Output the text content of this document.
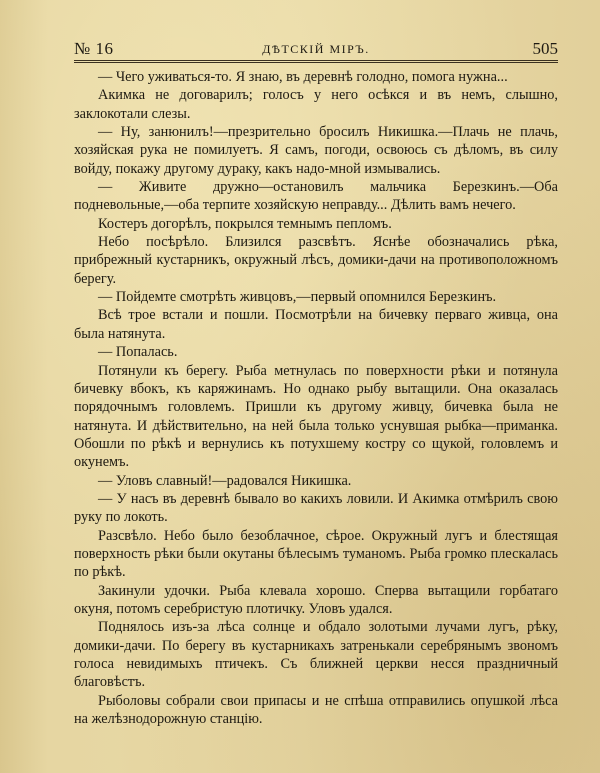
№ 16	ДѢТСКІЙ МІРЪ.	505

— Чего уживаться-то. Я знаю, въ деревнѣ голодно, помога нужна...

Акимка не договарилъ; голосъ у него осѣкся и въ немъ, слышно, заклокотали слезы.

— Ну, занюнилъ!—презрительно бросилъ Никишка.—Плачь не плачь, хозяйская рука не помилуетъ. Я самъ, погоди, освоюсь съ дѣломъ, въ силу войду, покажу другому дураку, какъ надо-мной измывались.

— Живите дружно—остановилъ мальчика Березкинъ.—Оба подневольные,—оба терпите хозяйскую неправду... Дѣлить вамъ нечего.

Костеръ догорѣлъ, покрылся темнымъ пепломъ.

Небо посѣрѣло. Близился разсвѣтъ. Яснѣе обозначались рѣка, прибрежный кустарникъ, окружный лѣсъ, домики-дачи на противоположномъ берегу.

— Пойдемте смотрѣть живцовъ,—первый опомнился Березкинъ.

Всѣ трое встали и пошли. Посмотрѣли на бичевку перваго живца, она была натянута.

— Попалась.

Потянули къ берегу. Рыба метнулась по поверхности рѣки и потянула бичевку вбокъ, къ каряжинамъ. Но однако рыбу вытащили. Она оказалась порядочнымъ головлемъ. Пришли къ другому живцу, бичевка была не натянута. И дѣйствительно, на ней была только уснувшая рыбка—приманка. Обошли по рѣкѣ и вернулись къ потухшему костру со щукой, головлемъ и окунемъ.

— Уловъ славный!—радовался Никишка.

— У насъ въ деревнѣ бывало во какихъ ловили. И Акимка отмѣрилъ свою руку по локоть.

Разсвѣло. Небо было безоблачное, сѣрое. Окружный лугъ и блестящая поверхность рѣки были окутаны бѣлесымъ туманомъ. Рыба громко плескалась по рѣкѣ.

Закинули удочки. Рыба клевала хорошо. Сперва вытащили горбатаго окуня, потомъ серебристую плотичку. Уловъ удался.

Поднялось изъ-за лѣса солнце и обдало золотыми лучами лугъ, рѣку, домики-дачи. По берегу въ кустарникахъ затренькали серебрянымъ звономъ голоса невидимыхъ птичекъ. Съ ближней церкви несся праздничный благовѣстъ.

Рыболовы собрали свои припасы и не спѣша отправились опушкой лѣса на желѣзнодорожную станцію.
